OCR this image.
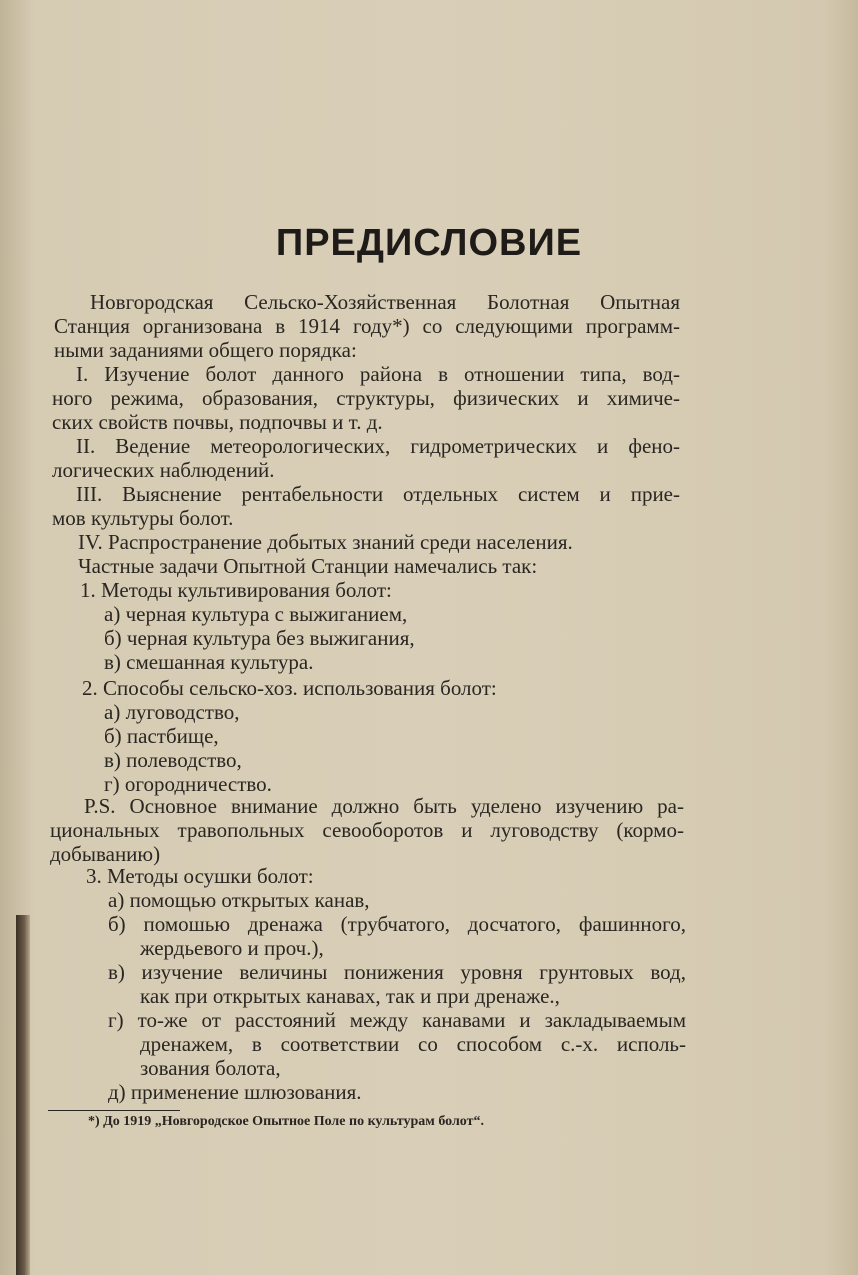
ПРЕДИСЛОВИЕ
Новгородская Сельско-Хозяйственная Болотная Опытная
Станция организована в 1914 году*) со следующими программ-
ными заданиями общего порядка:
I. Изучение болот данного района в отношении типа, вод-
ного режима, образования, структуры, физических и химиче-
ских свойств почвы, подпочвы и т. д.
II. Ведение метеорологических, гидрометрических и фено-
логических наблюдений.
III. Выяснение рентабельности отдельных систем и прие-
мов культуры болот.
IV. Распространение добытых знаний среди населения.
Частные задачи Опытной Станции намечались так:
1. Методы культивирования болот:
а) черная культура с выжиганием,
б) черная культура без выжигания,
в) смешанная культура.
2. Способы сельско-хоз. использования болот:
а) луговодство,
б) пастбище,
в) полеводство,
г) огородничество.
P.S. Основное внимание должно быть уделено изучению ра-
циональных травопольных севооборотов и луговодству (кормо-
добыванию)
3. Методы осушки болот:
а) помощью открытых канав,
б) помошью дренажа (трубчатого, досчатого, фашинного,
жердьевого и проч.),
в) изучение величины понижения уровня грунтовых вод,
как при открытых канавах, так и при дренаже.,
г) то-же от расстояний между канавами и закладываемым
дренажем, в соответствии со способом с.-х. исполь-
зования болота,
д) применение шлюзования.
*) До 1919 „Новгородское Опытное Поле по культурам болот“.
